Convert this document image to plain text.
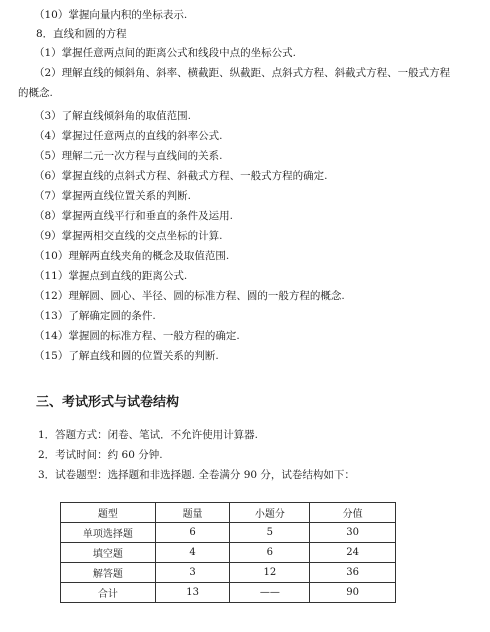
（10）掌握向量内积的坐标表示.
8．直线和圆的方程
（1）掌握任意两点间的距离公式和线段中点的坐标公式.
（2）理解直线的倾斜角、斜率、横截距、纵截距、点斜式方程、斜截式方程、一般式方程
的概念.
（3）了解直线倾斜角的取值范围.
（4）掌握过任意两点的直线的斜率公式.
（5）理解二元一次方程与直线间的关系.
（6）掌握直线的点斜式方程、斜截式方程、一般式方程的确定.
（7）掌握两直线位置关系的判断.
（8）掌握两直线平行和垂直的条件及运用.
（9）掌握两相交直线的交点坐标的计算.
（10）理解两直线夹角的概念及取值范围.
（11）掌握点到直线的距离公式.
（12）理解圆、圆心、半径、圆的标准方程、圆的一般方程的概念.
（13）了解确定圆的条件.
（14）掌握圆的标准方程、一般方程的确定.
（15）了解直线和圆的位置关系的判断.
三、考试形式与试卷结构
1．答题方式：闭卷、笔试．不允许使用计算器.
2．考试时间：约 60 分钟.
3．试卷题型：选择题和非选择题. 全卷满分 90 分，试卷结构如下：
题型	题量	小题分	分值
单项选择题	6	5	30
填空题	4	6	24
解答题	3	12	36
合计	13	——	90
